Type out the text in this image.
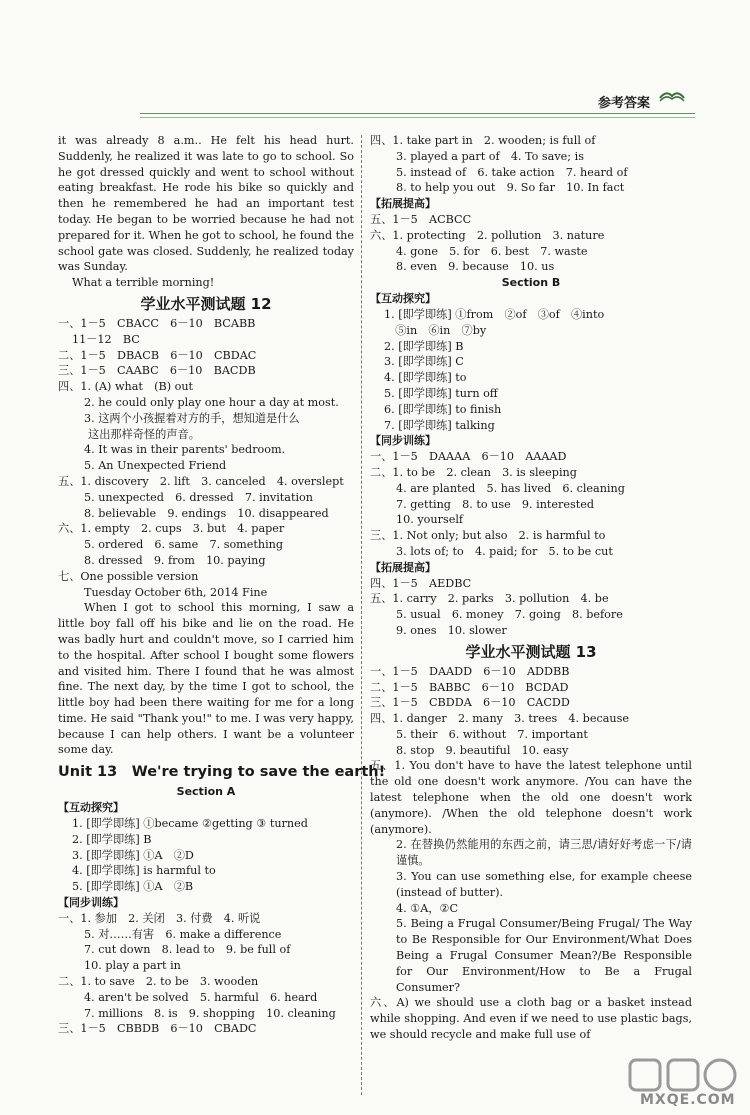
参考答案
it was already 8 a.m.. He felt his head hurt. Suddenly, he realized it was late to go to school. So he got dressed quickly and went to school without eating breakfast. He rode his bike so quickly and then he remembered he had an important test today. He began to be worried because he had not prepared for it. When he got to school, he found the school gate was closed. Suddenly, he realized today was Sunday.
What a terrible morning!
学业水平测试题 12
一、1－5　CBACC　6－10　BCABB
11－12　BC
二、1－5　DBACB　6－10　CBDAC
三、1－5　CAABC　6－10　BACDB
四、1. (A) what　(B) out
2. he could only play one hour a day at most.
3. 这两个小孩握着对方的手，想知道是什么
这出那样奇怪的声音。
4. It was in their parents' bedroom.
5. An Unexpected Friend
五、1. discovery　2. lift　3. canceled　4. overslept
5. unexpected　6. dressed　7. invitation
8. believable　9. endings　10. disappeared
六、1. empty　2. cups　3. but　4. paper
5. ordered　6. same　7. something
8. dressed　9. from　10. paying
七、One possible version
Tuesday October 6th, 2014 Fine
When I got to school this morning, I saw a little boy fall off his bike and lie on the road. He was badly hurt and couldn't move, so I carried him to the hospital. After school I bought some flowers and visited him. There I found that he was almost fine. The next day, by the time I got to school, the little boy had been there waiting for me for a long time. He said "Thank you!" to me. I was very happy, because I can help others. I want be a volunteer some day.
Unit 13　We're trying to save the earth!
Section A
【互动探究】
1. [即学即练] ①became ②getting ③ turned
2. [即学即练] B
3. [即学即练] ①A　②D
4. [即学即练] is harmful to
5. [即学即练] ①A　②B
【同步训练】
一、1. 参加　2. 关闭　3. 付费　4. 听说
5. 对……有害　6. make a difference
7. cut down　8. lead to　9. be full of
10. play a part in
二、1. to save　2. to be　3. wooden
4. aren't be solved　5. harmful　6. heard
7. millions　8. is　9. shopping　10. cleaning
三、1－5　CBBDB　6－10　CBADC
四、1. take part in　2. wooden; is full of
3. played a part of　4. To save; is
5. instead of　6. take action　7. heard of
8. to help you out　9. So far　10. In fact
【拓展提高】
五、1－5　ACBCC
六、1. protecting　2. pollution　3. nature
4. gone　5. for　6. best　7. waste
8. even　9. because　10. us
Section B
【互动探究】
1. [即学即练] ①from　②of　③of　④into
　⑤in　⑥in　⑦by
2. [即学即练] B
3. [即学即练] C
4. [即学即练] to
5. [即学即练] turn off
6. [即学即练] to finish
7. [即学即练] talking
【同步训练】
一、1－5　DAAAA　6－10　AAAAD
二、1. to be　2. clean　3. is sleeping
4. are planted　5. has lived　6. cleaning
7. getting　8. to use　9. interested
10. yourself
三、1. Not only; but also　2. is harmful to
3. lots of; to　4. paid; for　5. to be cut
【拓展提高】
四、1－5　AEDBC
五、1. carry　2. parks　3. pollution　4. be
5. usual　6. money　7. going　8. before
9. ones　10. slower
学业水平测试题 13
一、1－5　DAADD　6－10　ADDBB
二、1－5　BABBC　6－10　BCDAD
三、1－5　CBDDA　6－10　CACDD
四、1. danger　2. many　3. trees　4. because
5. their　6. without　7. important
8. stop　9. beautiful　10. easy
五、1. You don't have to have the latest telephone until the old one doesn't work anymore. /You can have the latest telephone when the old one doesn't work (anymore). /When the old telephone doesn't work (anymore).
2. 在替换仍然能用的东西之前，请三思/请好好考虑一下/请谨慎。
3. You can use something else, for example cheese (instead of butter).
4. ①A，②C
5. Being a Frugal Consumer/Being Frugal/ The Way to Be Responsible for Our Environment/What Does Being a Frugal Consumer Mean?/Be Responsible for Our Environment/How to Be a Frugal Consumer?
六、A) we should use a cloth bag or a basket instead while shopping. And even if we need to use plastic bags, we should recycle and make full use of
MXQE.COM
